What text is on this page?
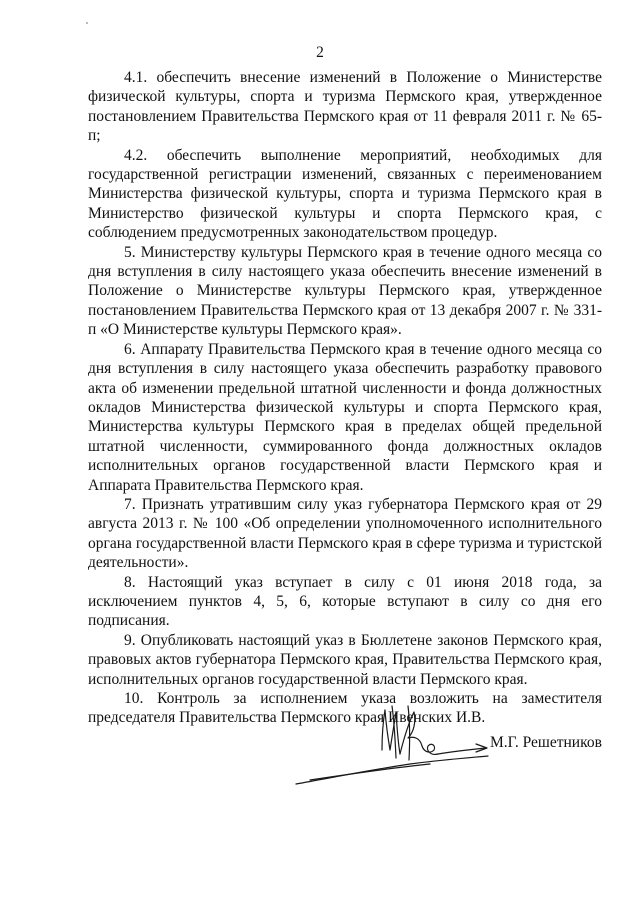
2

4.1. обеспечить внесение изменений в Положение о Министерстве физической культуры, спорта и туризма Пермского края, утвержденное постановлением Правительства Пермского края от 11 февраля 2011 г. № 65-п;

4.2. обеспечить выполнение мероприятий, необходимых для государственной регистрации изменений, связанных с переименованием Министерства физической культуры, спорта и туризма Пермского края в Министерство физической культуры и спорта Пермского края, с соблюдением предусмотренных законодательством процедур.

5. Министерству культуры Пермского края в течение одного месяца со дня вступления в силу настоящего указа обеспечить внесение изменений в Положение о Министерстве культуры Пермского края, утвержденное постановлением Правительства Пермского края от 13 декабря 2007 г. № 331-п «О Министерстве культуры Пермского края».

6. Аппарату Правительства Пермского края в течение одного месяца со дня вступления в силу настоящего указа обеспечить разработку правового акта об изменении предельной штатной численности и фонда должностных окладов Министерства физической культуры и спорта Пермского края, Министерства культуры Пермского края в пределах общей предельной штатной численности, суммированного фонда должностных окладов исполнительных органов государственной власти Пермского края и Аппарата Правительства Пермского края.

7. Признать утратившим силу указ губернатора Пермского края от 29 августа 2013 г. № 100 «Об определении уполномоченного исполнительного органа государственной власти Пермского края в сфере туризма и туристской деятельности».

8. Настоящий указ вступает в силу с 01 июня 2018 года, за исключением пунктов 4, 5, 6, которые вступают в силу со дня его подписания.

9. Опубликовать настоящий указ в Бюллетене законов Пермского края, правовых актов губернатора Пермского края, Правительства Пермского края, исполнительных органов государственной власти Пермского края.

10. Контроль за исполнением указа возложить на заместителя председателя Правительства Пермского края Ивенских И.В.

М.Г. Решетников
